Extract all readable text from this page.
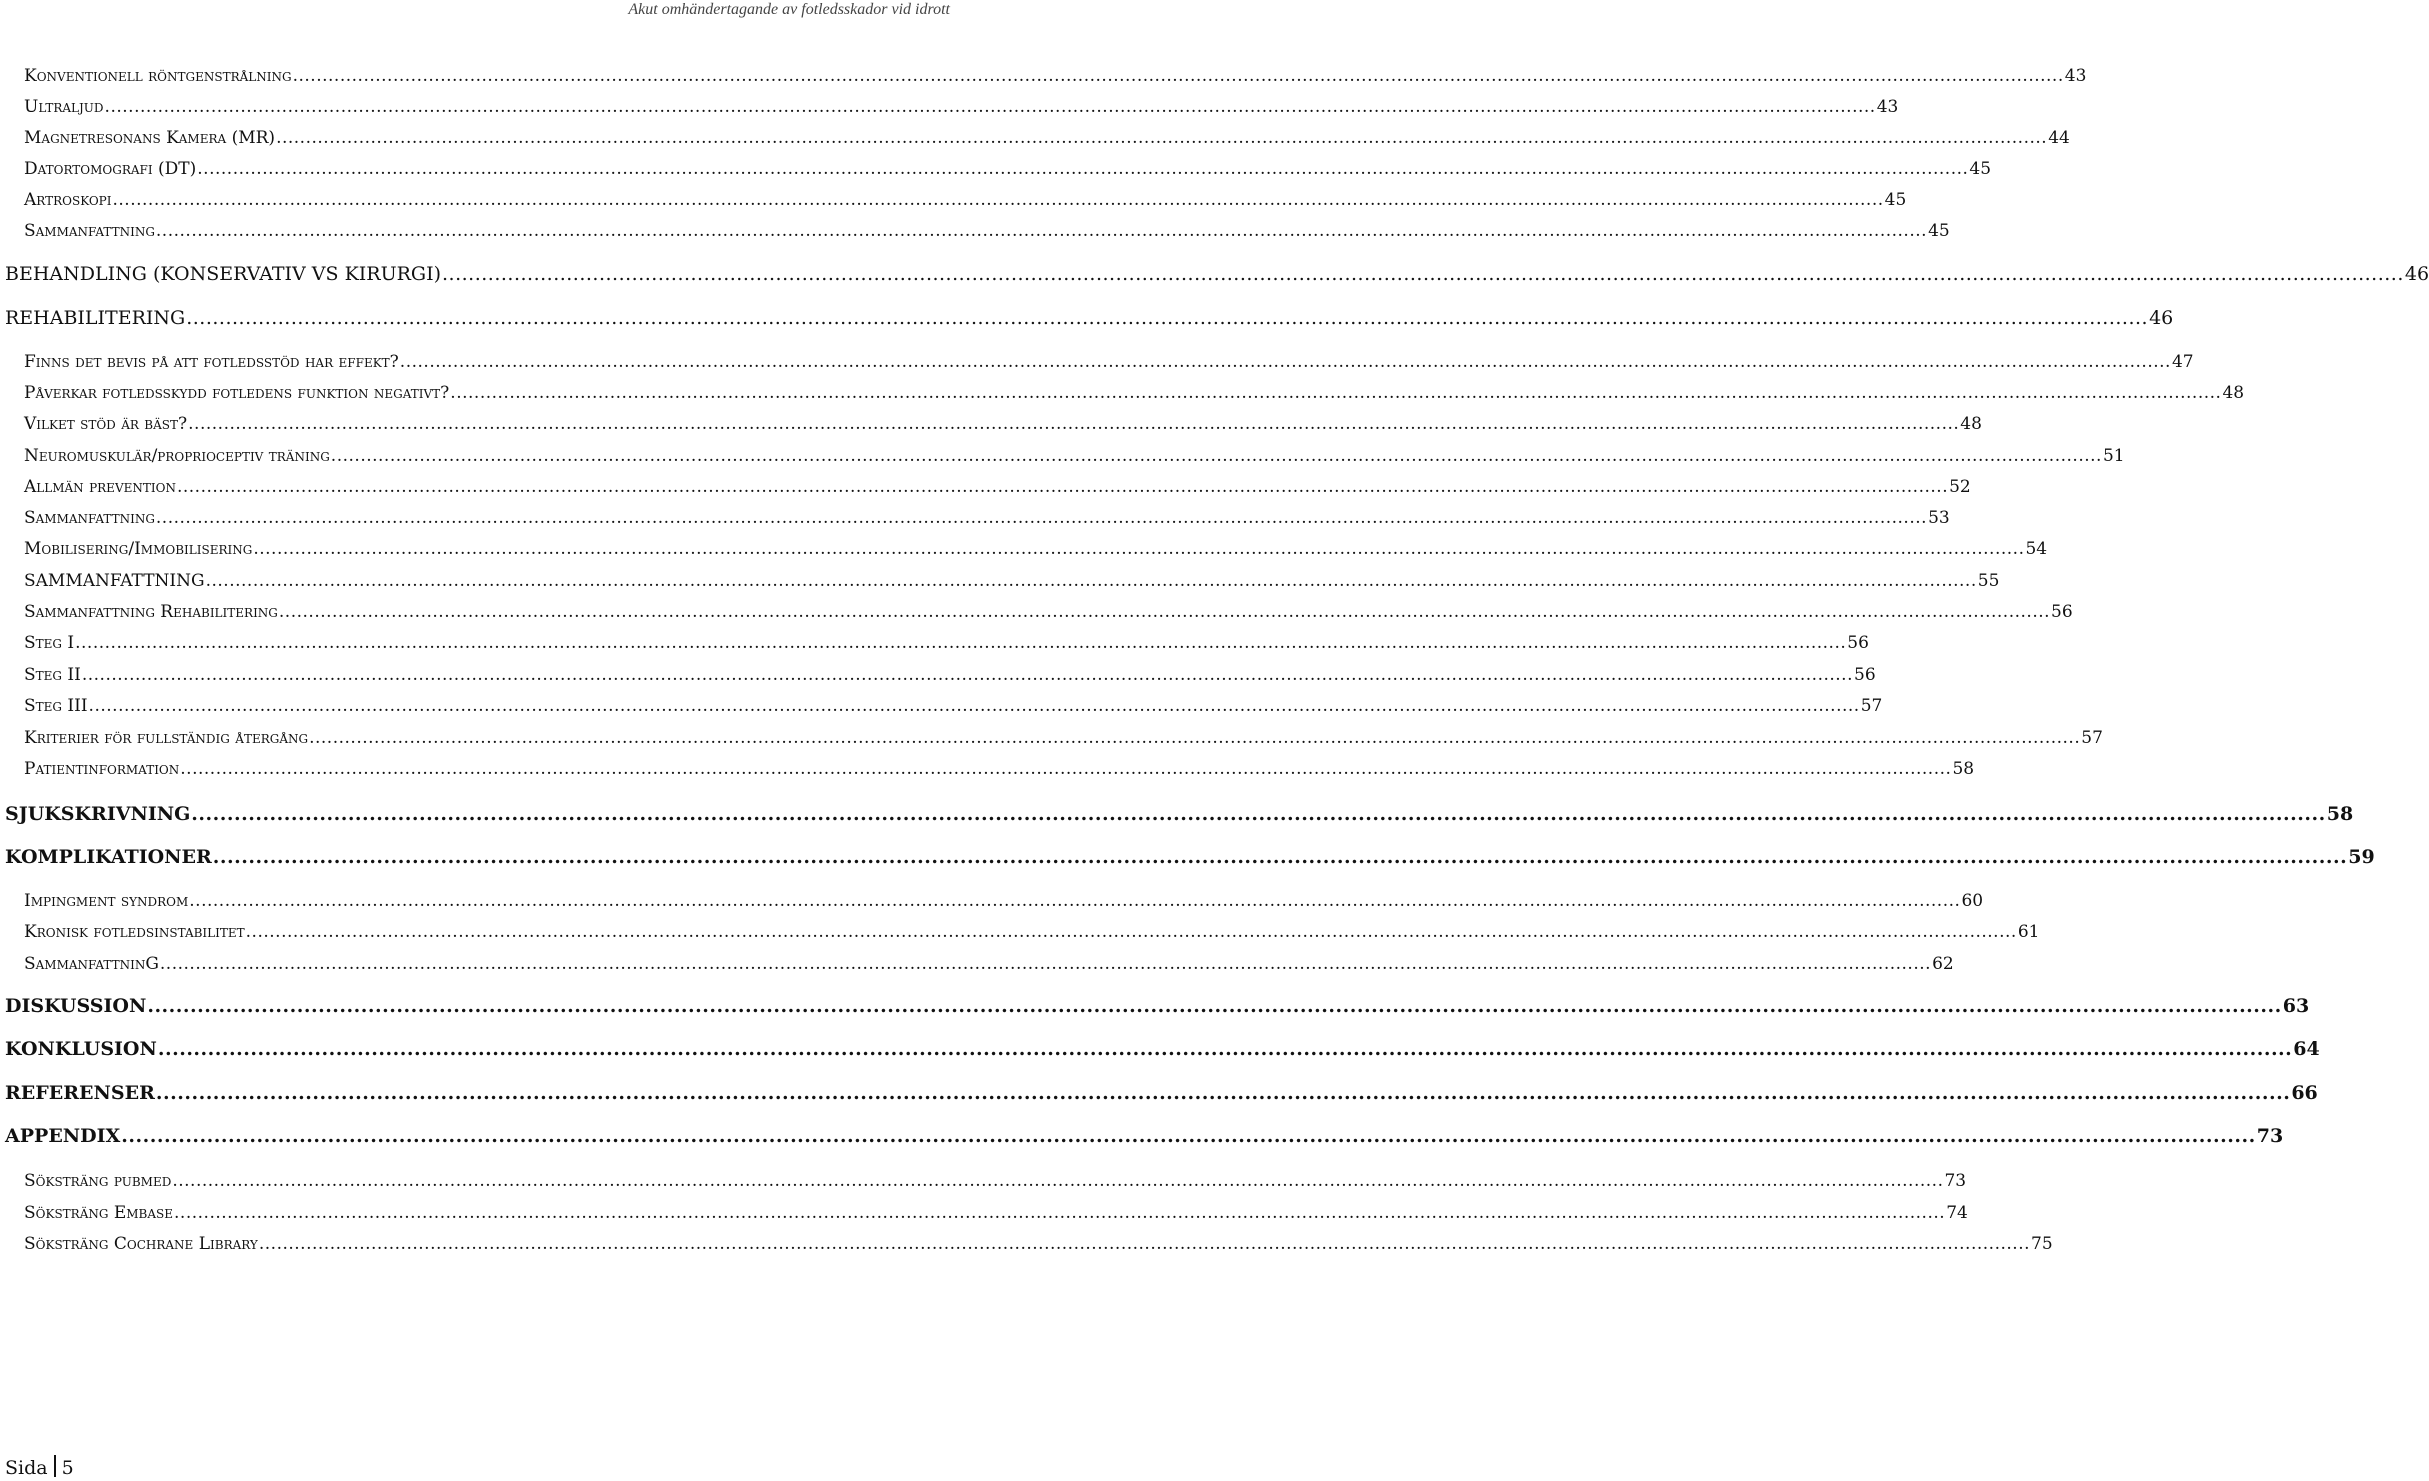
Akut omhändertagande av fotledsskador vid idrott
Konventionell röntgenstrålning ............................................................................................................................................................................................................................................................................................................ 43
Ultraljud ............................................................................................................................................................................................................................................................................................................ 43
Magnetresonans Kamera (MR) ............................................................................................................................................................................................................................................................................................................ 44
Datortomografi (DT) ............................................................................................................................................................................................................................................................................................................ 45
Artroskopi ............................................................................................................................................................................................................................................................................................................ 45
Sammanfattning ............................................................................................................................................................................................................................................................................................................ 45
BEHANDLING (KONSERVATIV VS KIRURGI) ............................................................................................................................................................................................................................................................................................................ 46
REHABILITERING ............................................................................................................................................................................................................................................................................................................ 46
Finns det bevis på att fotledsstöd har effekt? ............................................................................................................................................................................................................................................................................................................ 47
Påverkar fotledsskydd fotledens funktion negativt? ............................................................................................................................................................................................................................................................................................................ 48
Vilket stöd är bäst? ............................................................................................................................................................................................................................................................................................................ 48
Neuromuskulär/proprioceptiv träning ............................................................................................................................................................................................................................................................................................................ 51
Allmän prevention ............................................................................................................................................................................................................................................................................................................ 52
Sammanfattning ............................................................................................................................................................................................................................................................................................................ 53
Mobilisering/Immobilisering ............................................................................................................................................................................................................................................................................................................ 54
SAMMANFATTNING ............................................................................................................................................................................................................................................................................................................ 55
Sammanfattning Rehabilitering ............................................................................................................................................................................................................................................................................................................ 56
Steg I ............................................................................................................................................................................................................................................................................................................ 56
Steg II ............................................................................................................................................................................................................................................................................................................ 56
Steg III ............................................................................................................................................................................................................................................................................................................ 57
Kriterier för fullständig återgång ............................................................................................................................................................................................................................................................................................................ 57
Patientinformation ............................................................................................................................................................................................................................................................................................................ 58
SJUKSKRIVNING ............................................................................................................................................................................................................................................................................................................ 58
KOMPLIKATIONER ............................................................................................................................................................................................................................................................................................................ 59
Impingment syndrom ............................................................................................................................................................................................................................................................................................................ 60
Kronisk fotledsinstabilitet ............................................................................................................................................................................................................................................................................................................ 61
SammanfattninG ............................................................................................................................................................................................................................................................................................................ 62
DISKUSSION ............................................................................................................................................................................................................................................................................................................ 63
KONKLUSION ............................................................................................................................................................................................................................................................................................................ 64
REFERENSER ............................................................................................................................................................................................................................................................................................................ 66
APPENDIX ............................................................................................................................................................................................................................................................................................................ 73
Söksträng pubmed ............................................................................................................................................................................................................................................................................................................ 73
Söksträng Embase ............................................................................................................................................................................................................................................................................................................ 74
Söksträng Cochrane Library ............................................................................................................................................................................................................................................................................................................ 75
Sida 5
